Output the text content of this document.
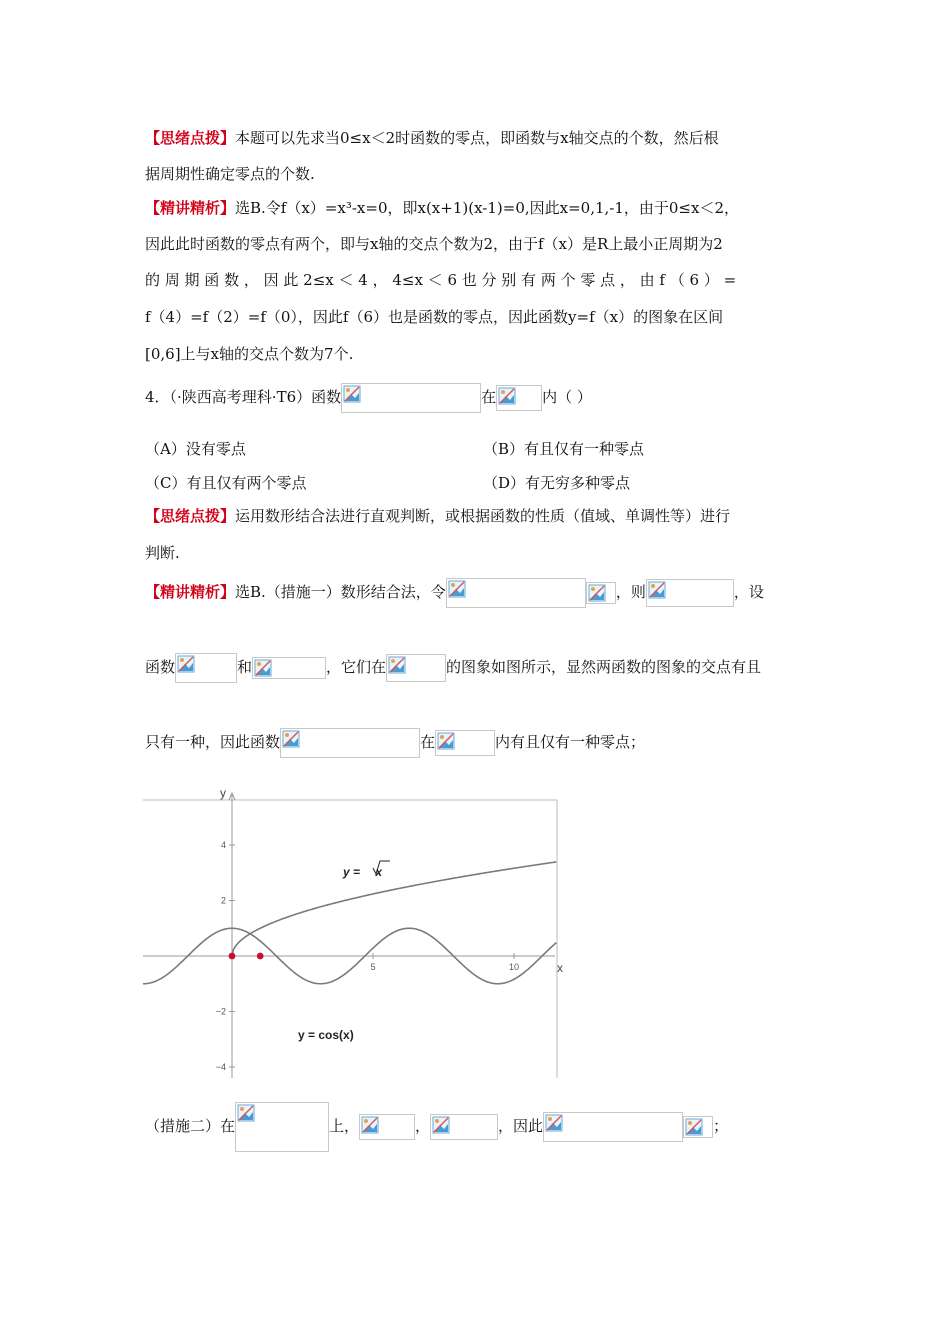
【思绪点拨】本题可以先求当0≤x＜2时函数的零点，即函数与x轴交点的个数，然后根
据周期性确定零点的个数.
【精讲精析】选B.令f（x）=x³-x=0，即x(x+1)(x-1)=0,因此x=0,1,-1，由于0≤x＜2，
因此此时函数的零点有两个，即与x轴的交点个数为2，由于f（x）是R上最小正周期为2
的 周 期 函 数 ， 因 此 2≤x ＜ 4 ， 4≤x ＜ 6 也 分 别 有 两 个 零 点 ， 由 f （ 6 ） =
f（4）=f（2）=f（0），因此f（6）也是函数的零点，因此函数y=f（x）的图象在区间
[0,6]上与x轴的交点个数为7个.
4．（·陕西高考理科·T6）函数	在	内（ ）
（A）没有零点	（B）有且仅有一种零点
（C）有且仅有两个零点	（D）有无穷多种零点
【思绪点拨】运用数形结合法进行直观判断，或根据函数的性质（值域、单调性等）进行
判断.
【精讲精析】选B.（措施一）数形结合法，令	，则	，设
函数	和	，它们在	的图象如图所示，显然两函数的图象的交点有且
只有一种，因此函数	在	内有且仅有一种零点；
x
y
5	10
4
2
−2
−4
y = x
y = cos(x)
（措施二）在	上，	，	，因此	；
